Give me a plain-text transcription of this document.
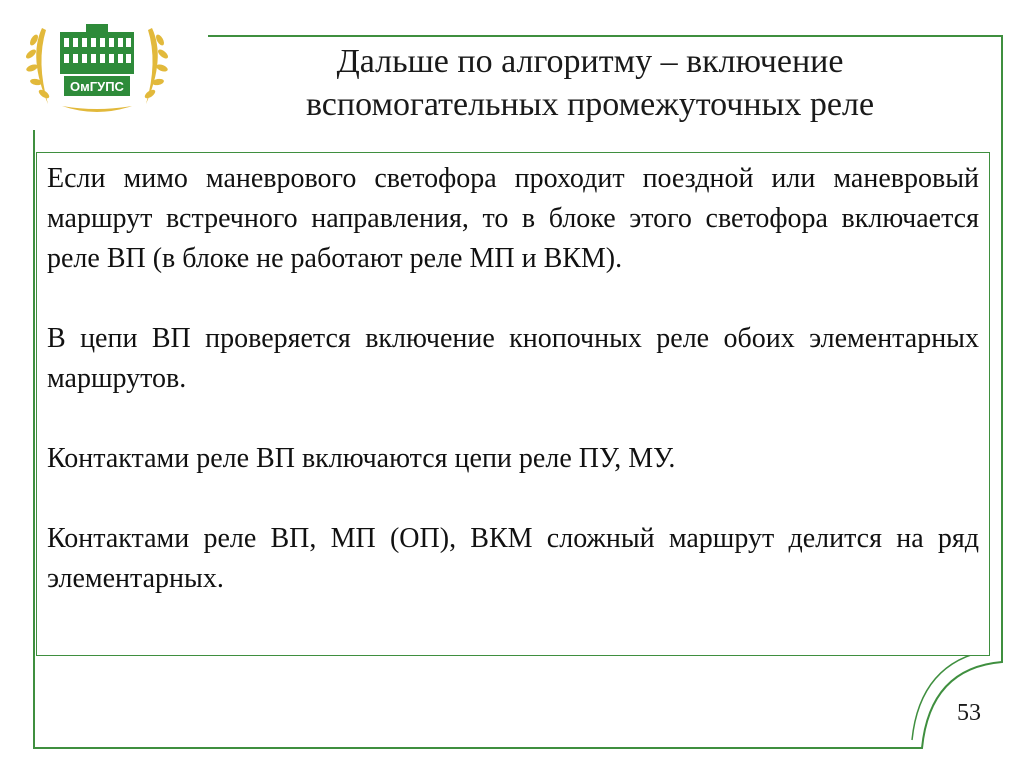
ОмГУПС
Дальше по алгоритму – включение вспомогательных промежуточных реле

Если мимо маневрового светофора проходит поездной или маневровый маршрут встречного направления, то в блоке этого светофора включается реле ВП (в блоке не работают реле МП и ВКМ).

В цепи ВП проверяется включение кнопочных реле обоих элементарных маршрутов.

Контактами реле ВП включаются цепи реле ПУ, МУ.

Контактами реле ВП, МП (ОП), ВКМ сложный маршрут делится на ряд элементарных.

53
